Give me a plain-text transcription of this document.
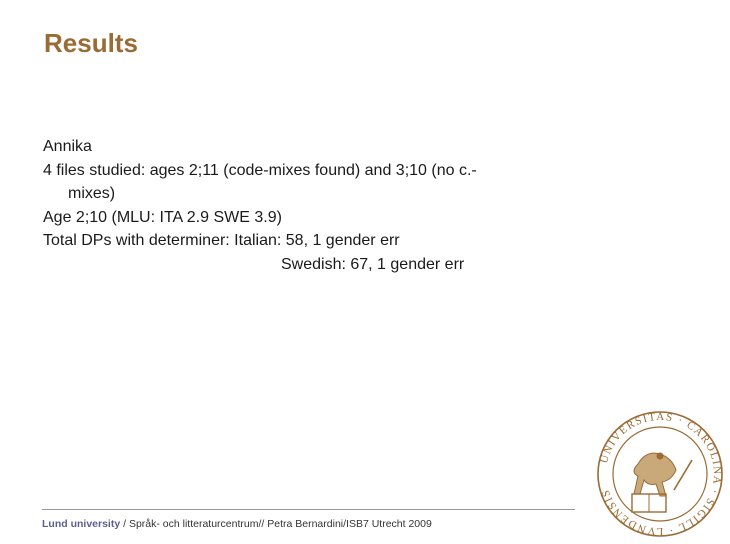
Results
Annika
4 files studied: ages 2;11 (code-mixes found) and 3;10 (no c.-
mixes)
Age 2;10 (MLU: ITA 2.9 SWE 3.9)
Total DPs with determiner: Italian: 58, 1 gender err
Swedish: 67, 1 gender err
Lund university / Språk- och litteraturcentrum// Petra Bernardini/ISB7 Utrecht 2009
UNIVERSITAS · CAROLINA · SIGILL · LVNDENSIS
